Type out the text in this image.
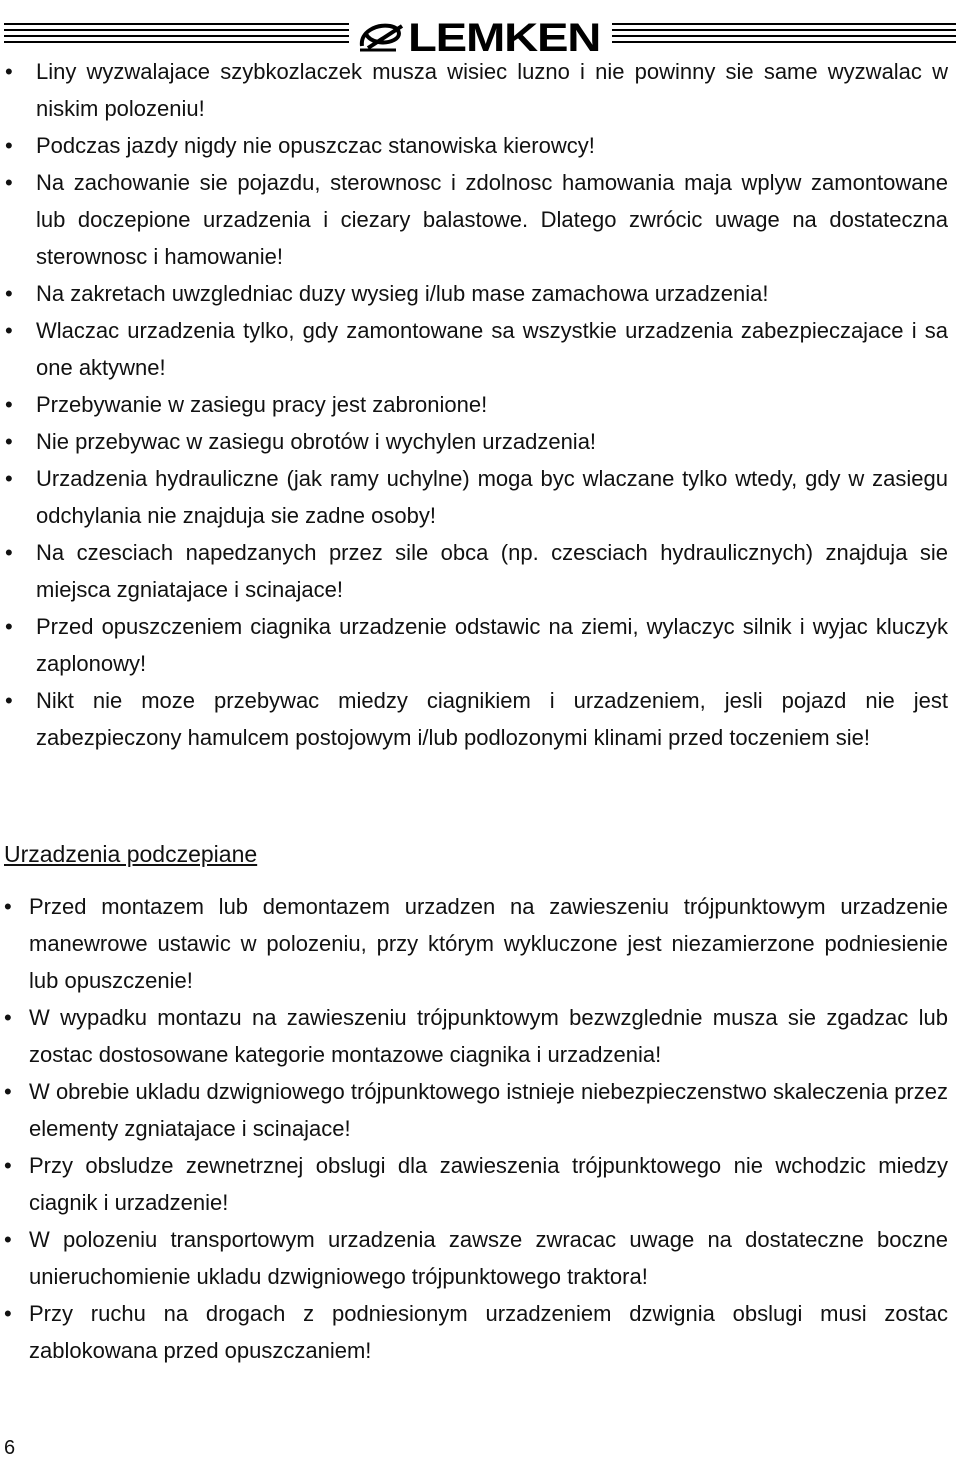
LEMKEN
• Liny wyzwalajace szybkozlaczek musza wisiec luzno i nie powinny sie same wyzwalac w niskim polozeniu!
• Podczas jazdy nigdy nie opuszczac stanowiska kierowcy!
• Na zachowanie sie pojazdu, sterownosc i zdolnosc hamowania maja wplyw zamontowane lub doczepione urzadzenia i ciezary balastowe. Dlatego zwrócic uwage na dostateczna sterownosc i hamowanie!
• Na zakretach uwzgledniac duzy wysieg i/lub mase zamachowa urzadzenia!
• Wlaczac urzadzenia tylko, gdy zamontowane sa wszystkie urzadzenia zabezpieczajace i sa one aktywne!
• Przebywanie w zasiegu pracy jest zabronione!
• Nie przebywac w zasiegu obrotów i wychylen urzadzenia!
• Urzadzenia hydrauliczne (jak ramy uchylne) moga byc wlaczane tylko wtedy, gdy w zasiegu odchylania nie znajduja sie zadne osoby!
• Na czesciach napedzanych przez sile obca (np. czesciach hydraulicznych) znajduja sie miejsca zgniatajace i scinajace!
• Przed opuszczeniem ciagnika urzadzenie odstawic na ziemi, wylaczyc silnik i wyjac kluczyk zaplonowy!
• Nikt nie moze przebywac miedzy ciagnikiem i urzadzeniem, jesli pojazd nie jest zabezpieczony hamulcem postojowym i/lub podlozonymi klinami przed toczeniem sie!
Urzadzenia podczepiane
• Przed montazem lub demontazem urzadzen na zawieszeniu trójpunktowym urzadzenie manewrowe ustawic w polozeniu, przy którym wykluczone jest niezamierzone podniesienie lub opuszczenie!
• W wypadku montazu na zawieszeniu trójpunktowym bezwzglednie musza sie zgadzac lub zostac dostosowane kategorie montazowe ciagnika i urzadzenia!
• W obrebie ukladu dzwigniowego trójpunktowego istnieje niebezpieczenstwo skaleczenia przez elementy zgniatajace i scinajace!
• Przy obsludze zewnetrznej obslugi dla zawieszenia trójpunktowego nie wchodzic miedzy ciagnik i urzadzenie!
• W polozeniu transportowym urzadzenia zawsze zwracac uwage na dostateczne boczne unieruchomienie ukladu dzwigniowego trójpunktowego traktora!
• Przy ruchu na drogach z podniesionym urzadzeniem dzwignia obslugi musi zostac zablokowana przed opuszczaniem!
6
